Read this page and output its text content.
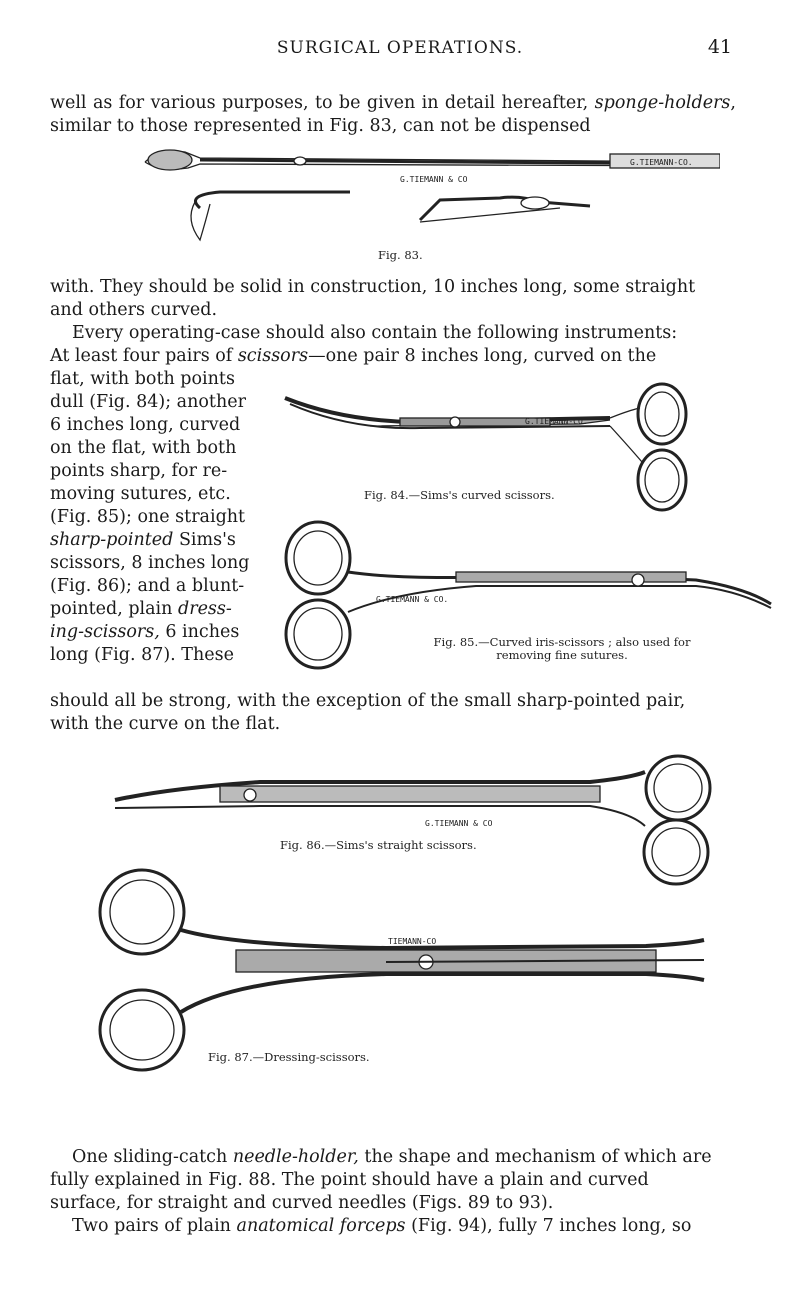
SURGICAL OPERATIONS.	41
well as for various purposes, to be given in detail hereafter, sponge-holders, similar to those represented in Fig. 83, can not be dispensed
G.TIEMANN & CO
G.TIEMANN-CO.
Fig. 83.
with. They should be solid in construction, 10 inches long, some straight
and others curved.
Every operating-case should also contain the following instruments:
At least four pairs of scissors—one pair 8 inches long, curved on the
flat, with both points
dull (Fig. 84); another
6 inches long, curved
on the flat, with both
points sharp, for re-
moving sutures, etc.
(Fig. 85); one straight
sharp-pointed Sims's
scissors, 8 inches long
(Fig. 86); and a blunt-
pointed, plain dress-
ing-scissors, 6 inches
long (Fig. 87). These
should all be strong, with the exception of the small sharp-pointed pair,
with the curve on the flat.
G.TIEMANN-CO.
Fig. 84.—Sims's curved scissors.
G.TIEMANN & CO.
Fig. 85.—Curved iris-scissors ; also used for
removing fine sutures.
G.TIEMANN & CO
Fig. 86.—Sims's straight scissors.
TIEMANN-CO
Fig. 87.—Dressing-scissors.
One sliding-catch needle-holder, the shape and mechanism of which are
fully explained in Fig. 88. The point should have a plain and curved
surface, for straight and curved needles (Figs. 89 to 93).
Two pairs of plain anatomical forceps (Fig. 94), fully 7 inches long, so
